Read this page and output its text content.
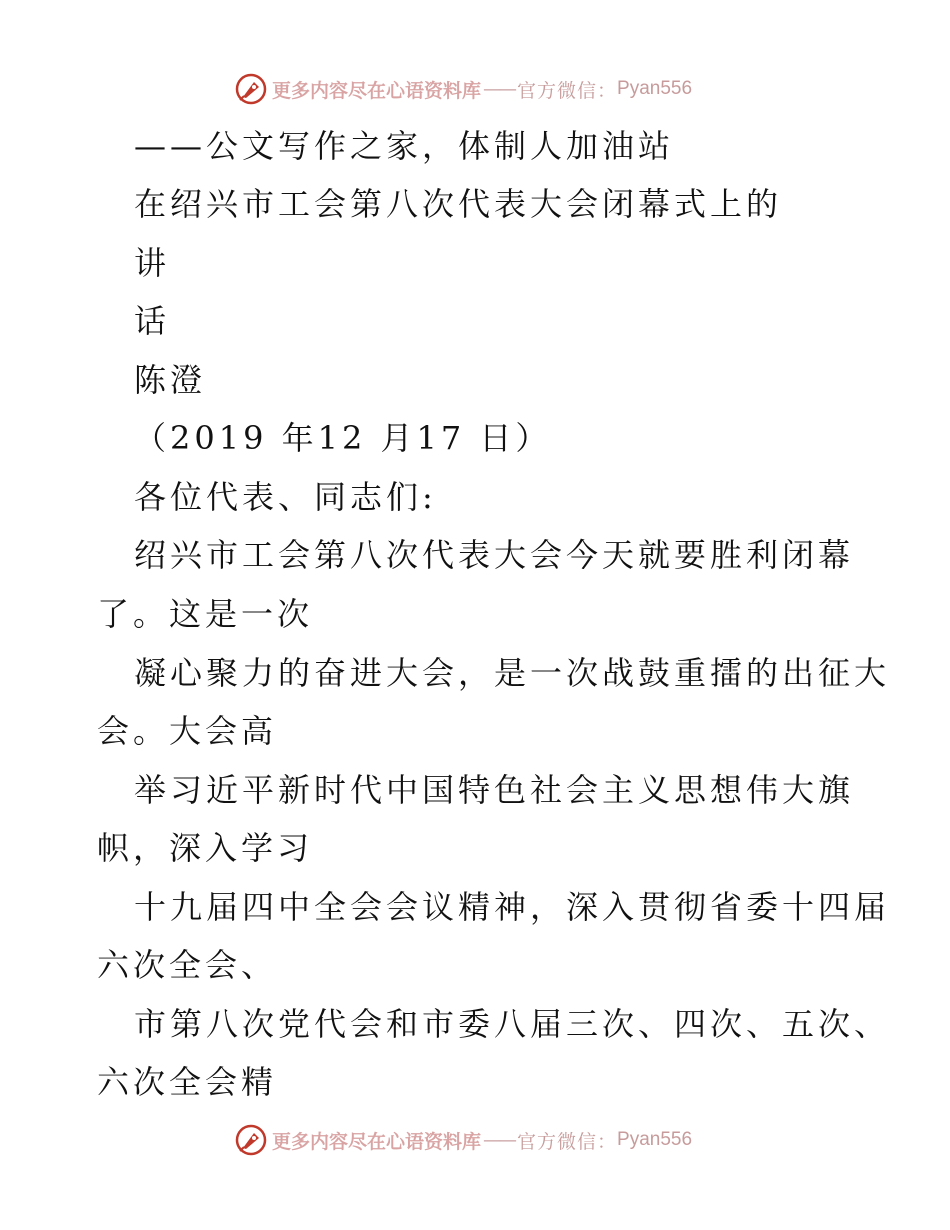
更多内容尽在心语资料库 —— 官方微信： Pyan556
——公文写作之家，体制人加油站
在绍兴市工会第八次代表大会闭幕式上的
讲
话
陈澄
（2019 年12 月17 日）
各位代表、同志们:
绍兴市工会第八次代表大会今天就要胜利闭幕
了。这是一次
凝心聚力的奋进大会，是一次战鼓重擂的出征大
会。大会高
举习近平新时代中国特色社会主义思想伟大旗
帜，深入学习
十九届四中全会会议精神，深入贯彻省委十四届
六次全会、
市第八次党代会和市委八届三次、四次、五次、
六次全会精
更多内容尽在心语资料库 —— 官方微信： Pyan556
